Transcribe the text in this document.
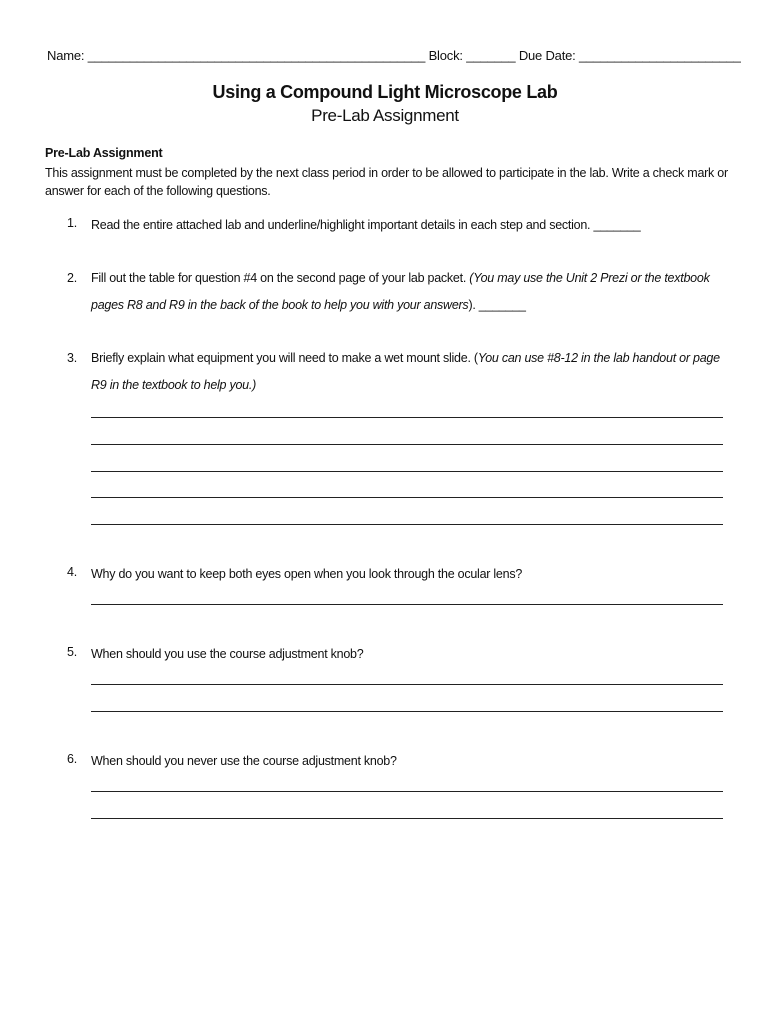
Name: ________________________________________________ Block: _______ Due Date: _______________________
Using a Compound Light Microscope Lab
Pre-Lab Assignment
Pre-Lab Assignment
This assignment must be completed by the next class period in order to be allowed to participate in the lab. Write a check mark or answer for each of the following questions.
1. Read the entire attached lab and underline/highlight important details in each step and section. _______
2. Fill out the table for question #4 on the second page of your lab packet. (You may use the Unit 2 Prezi or the textbook pages R8 and R9 in the back of the book to help you with your answers). _______
3. Briefly explain what equipment you will need to make a wet mount slide. (You can use #8-12 in the lab handout or page R9 in the textbook to help you.)
4. Why do you want to keep both eyes open when you look through the ocular lens?
5. When should you use the course adjustment knob?
6. When should you never use the course adjustment knob?
